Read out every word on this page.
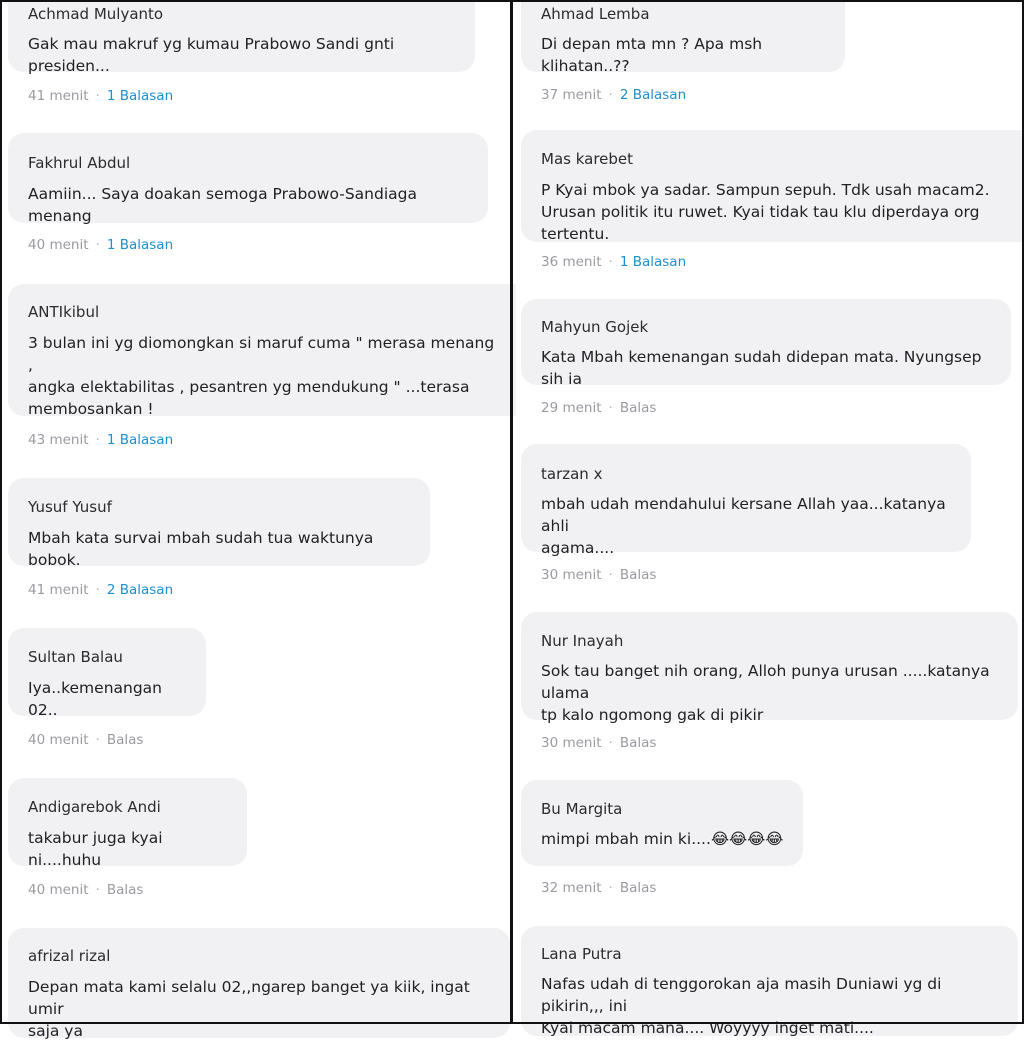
Achmad Mulyanto
Gak mau makruf yg kumau Prabowo Sandi gnti presiden...
41 menit · 1 Balasan
Fakhrul Abdul
Aamiin... Saya doakan semoga Prabowo-Sandiaga menang
40 menit · 1 Balasan
ANTIkibul
3 bulan ini yg diomongkan si maruf cuma " merasa menang ,
angka elektabilitas , pesantren yg mendukung " ...terasa
membosankan !
43 menit · 1 Balasan
Yusuf Yusuf
Mbah kata survai mbah sudah tua waktunya bobok.
41 menit · 2 Balasan
Sultan Balau
Iya..kemenangan 02..
40 menit · Balas
Andigarebok Andi
takabur juga kyai ni....huhu
40 menit · Balas
afrizal rizal
Depan mata kami selalu 02,,ngarep banget ya kiik, ingat umir
saja ya
Ahmad Lemba
Di depan mta mn ? Apa msh klihatan..??
37 menit · 2 Balasan
Mas karebet
P Kyai mbok ya sadar. Sampun sepuh. Tdk usah macam2.
Urusan politik itu ruwet. Kyai tidak tau klu diperdaya org tertentu.
36 menit · 1 Balasan
Mahyun Gojek
Kata Mbah kemenangan sudah didepan mata. Nyungsep sih ia
29 menit · Balas
tarzan x
mbah udah mendahului kersane Allah yaa...katanya ahli
agama....
30 menit · Balas
Nur Inayah
Sok tau banget nih orang, Alloh punya urusan .....katanya ulama
tp kalo ngomong gak di pikir
30 menit · Balas
Bu Margita
mimpi mbah min ki....😂😂😂😂
32 menit · Balas
Lana Putra
Nafas udah di tenggorokan aja masih Duniawi yg di pikirin,,, ini
Kyai macam mana.... Woyyyy inget mati....
